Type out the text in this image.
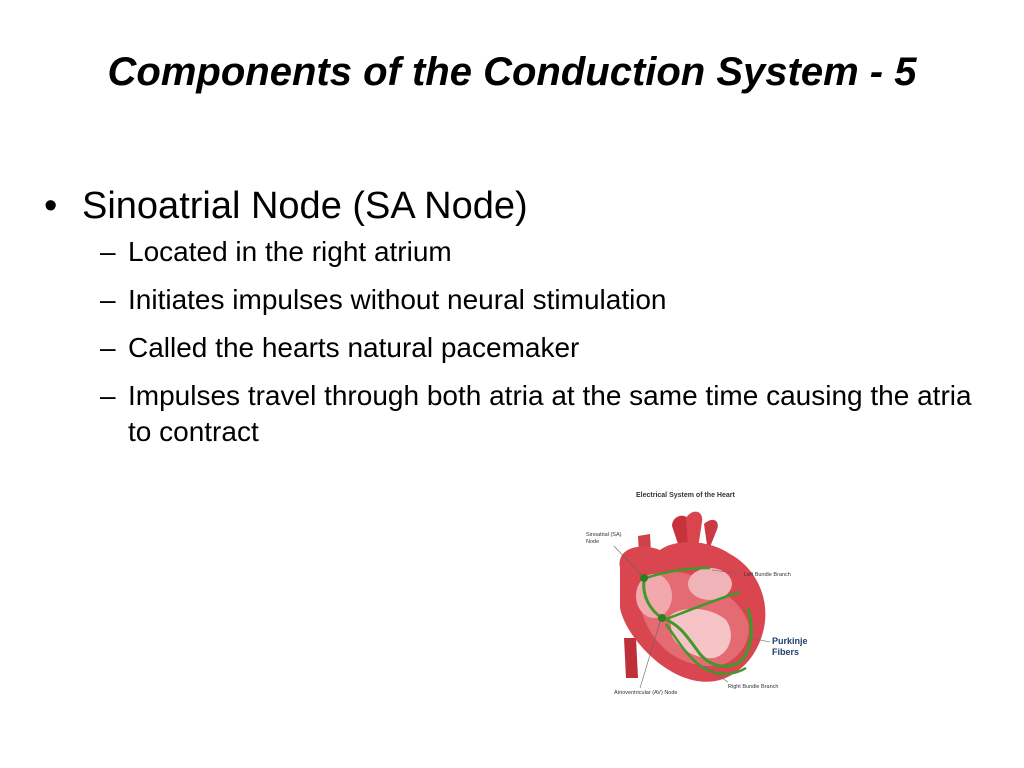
Components of the Conduction System - 5
• Sinoatrial Node (SA Node)
– Located in the right atrium
– Initiates impulses without neural stimulation
– Called the hearts natural pacemaker
– Impulses travel through both atria at the same time causing the atria to contract
Electrical System of the Heart
Sinoatrial (SA) Node
Left Bundle Branch
Purkinje Fibers
Right Bundle Branch
Atrioventricular (AV) Node
